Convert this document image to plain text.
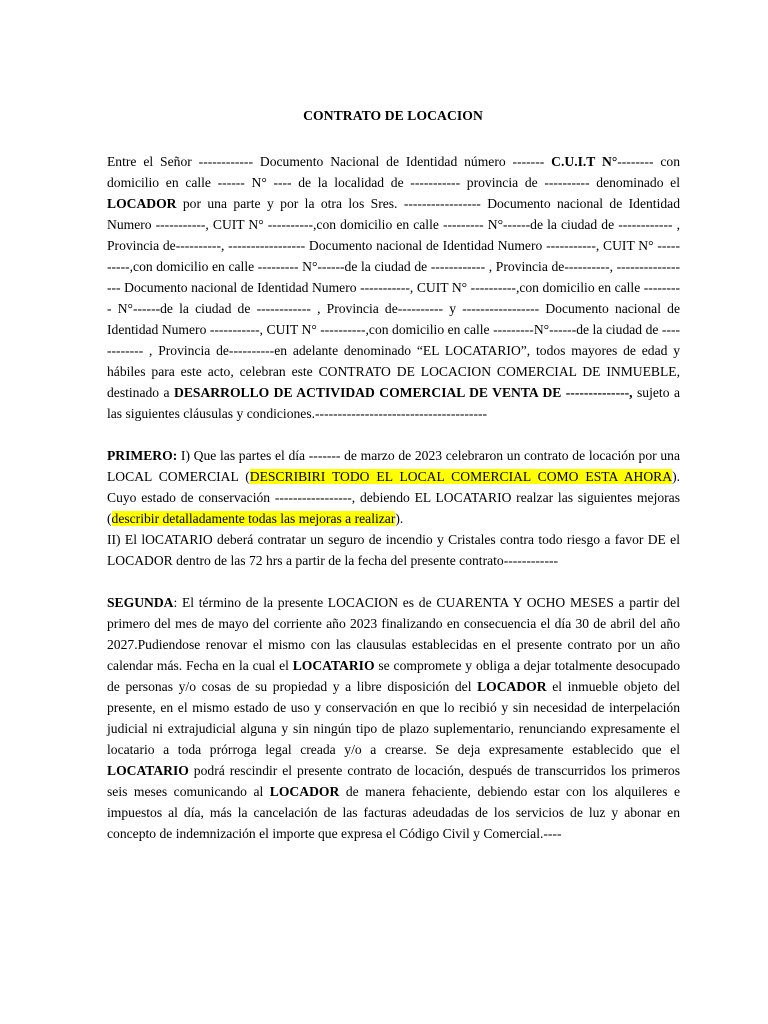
CONTRATO DE LOCACION

Entre el Señor ------------ Documento Nacional de Identidad número ------- C.U.I.T N°-------- con domicilio en calle ------ N° ---- de la localidad de ----------- provincia de ---------- denominado el LOCADOR por una parte y por la otra los Sres. ----------------- Documento nacional de Identidad Numero -----------, CUIT N° ----------,con domicilio en calle --------- N°------de la ciudad de ------------ , Provincia de----------, ----------------- Documento nacional de Identidad Numero -----------, CUIT N° ----------,con domicilio en calle --------- N°------de la ciudad de ------------ , Provincia de----------, ----------------- Documento nacional de Identidad Numero -----------, CUIT N° ----------,con domicilio en calle --------- N°------de la ciudad de ------------ , Provincia de---------- y ----------------- Documento nacional de Identidad Numero -----------, CUIT N° ----------,con domicilio en calle ---------N°------de la ciudad de ------------ , Provincia de----------en adelante denominado “EL LOCATARIO”, todos mayores de edad y hábiles para este acto, celebran este CONTRATO DE LOCACION COMERCIAL DE INMUEBLE, destinado a DESARROLLO DE ACTIVIDAD COMERCIAL DE VENTA DE --------------, sujeto a las siguientes cláusulas y condiciones.--------------------------------------

PRIMERO: I) Que las partes el día ------- de marzo de 2023 celebraron un contrato de locación por una LOCAL COMERCIAL (DESCRIBIRI TODO EL LOCAL COMERCIAL COMO ESTA AHORA). Cuyo estado de conservación -----------------, debiendo EL LOCATARIO realzar las siguientes mejoras (describir detalladamente todas las mejoras a realizar).

II) El lOCATARIO deberá contratar un seguro de incendio y Cristales contra todo riesgo a favor DE el LOCADOR dentro de las 72 hrs a partir de la fecha del presente contrato------------

SEGUNDA: El término de la presente LOCACION es de CUARENTA Y OCHO MESES a partir del primero del mes de mayo del corriente año 2023 finalizando en consecuencia el día 30 de abril del año 2027.Pudiendose renovar el mismo con las clausulas establecidas en el presente contrato por un año calendar más. Fecha en la cual el LOCATARIO se compromete y obliga a dejar totalmente desocupado de personas y/o cosas de su propiedad y a libre disposición del LOCADOR el inmueble objeto del presente, en el mismo estado de uso y conservación en que lo recibió y sin necesidad de interpelación judicial ni extrajudicial alguna y sin ningún tipo de plazo suplementario, renunciando expresamente el locatario a toda prórroga legal creada y/o a crearse. Se deja expresamente establecido que el LOCATARIO podrá rescindir el presente contrato de locación, después de transcurridos los primeros seis meses comunicando al LOCADOR de manera fehaciente, debiendo estar con los alquileres e impuestos al día, más la cancelación de las facturas adeudadas de los servicios de luz y abonar en concepto de indemnización el importe que expresa el Código Civil y Comercial.----
